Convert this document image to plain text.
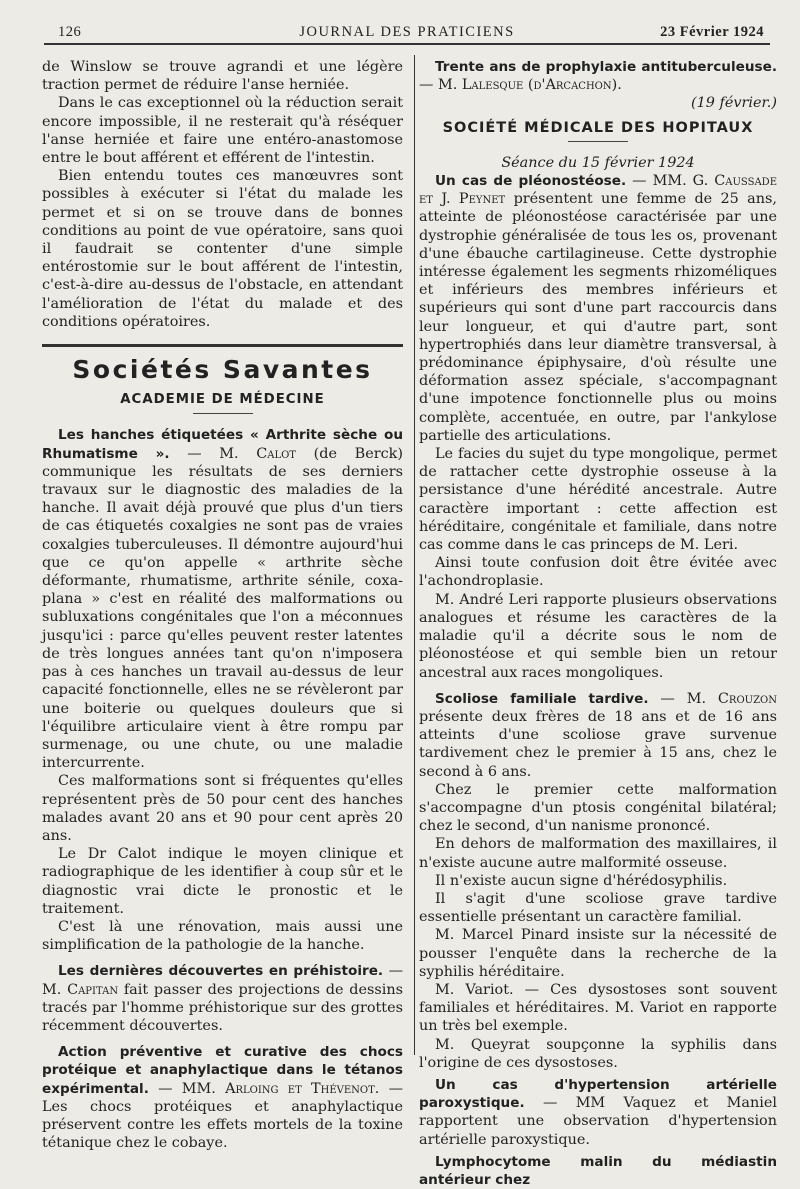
126	JOURNAL DES PRATICIENS	23 Février 1924

de Winslow se trouve agrandi et une légère traction permet de réduire l'anse herniée.

Dans le cas exceptionnel où la réduction serait encore impossible, il ne resterait qu'à réséquer l'anse herniée et faire une entéro-anastomose entre le bout afférent et efférent de l'intestin.

Bien entendu toutes ces manœuvres sont possibles à exécuter si l'état du malade les permet et si on se trouve dans de bonnes conditions au point de vue opératoire, sans quoi il faudrait se contenter d'une simple entérostomie sur le bout afférent de l'intestin, c'est-à-dire au-dessus de l'obstacle, en attendant l'amélioration de l'état du malade et des conditions opératoires.

Sociétés Savantes
ACADEMIE DE MÉDECINE

Les hanches étiquetées « Arthrite sèche ou Rhumatisme ». — M. Calot (de Berck) communique les résultats de ses derniers travaux sur le diagnostic des maladies de la hanche. Il avait déjà prouvé que plus d'un tiers de cas étiquetés coxalgies ne sont pas de vraies coxalgies tuberculeuses. Il démontre aujourd'hui que ce qu'on appelle « arthrite sèche déformante, rhumatisme, arthrite sénile, coxa-plana » c'est en réalité des malformations ou subluxations congénitales que l'on a méconnues jusqu'ici : parce qu'elles peuvent rester latentes de très longues années tant qu'on n'imposera pas à ces hanches un travail au-dessus de leur capacité fonctionnelle, elles ne se révèleront par une boiterie ou quelques douleurs que si l'équilibre articulaire vient à être rompu par surmenage, ou une chute, ou une maladie intercurrente.

Ces malformations sont si fréquentes qu'elles représentent près de 50 pour cent des hanches malades avant 20 ans et 90 pour cent après 20 ans.

Le Dr Calot indique le moyen clinique et radiographique de les identifier à coup sûr et le diagnostic vrai dicte le pronostic et le traitement.

C'est là une rénovation, mais aussi une simplification de la pathologie de la hanche.

Les dernières découvertes en préhistoire. — M. Capitan fait passer des projections de dessins tracés par l'homme préhistorique sur des grottes récemment découvertes.

Action préventive et curative des chocs protéique et anaphylactique dans le tétanos expérimental. — MM. Arloing et Thévenot. — Les chocs protéiques et anaphylactique préservent contre les effets mortels de la toxine tétanique chez le cobaye.

Trente ans de prophylaxie antituberculeuse. — M. Lalesque (d'Arcachon).

(19 février.)

SOCIÉTÉ MÉDICALE DES HOPITAUX

Séance du 15 février 1924

Un cas de pléonostéose. — MM. G. Caussade et J. Peynet présentent une femme de 25 ans, atteinte de pléonostéose caractérisée par une dystrophie généralisée de tous les os, provenant d'une ébauche cartilagineuse. Cette dystrophie intéresse également les segments rhizoméliques et inférieurs des membres inférieurs et supérieurs qui sont d'une part raccourcis dans leur longueur, et qui d'autre part, sont hypertrophiés dans leur diamètre transversal, à prédominance épiphysaire, d'où résulte une déformation assez spéciale, s'accompagnant d'une impotence fonctionnelle plus ou moins complète, accentuée, en outre, par l'ankylose partielle des articulations.

Le facies du sujet du type mongolique, permet de rattacher cette dystrophie osseuse à la persistance d'une hérédité ancestrale. Autre caractère important : cette affection est héréditaire, congénitale et familiale, dans notre cas comme dans le cas princeps de M. Leri.

Ainsi toute confusion doit être évitée avec l'achondroplasie.

M. André Leri rapporte plusieurs observations analogues et résume les caractères de la maladie qu'il a décrite sous le nom de pléonostéose et qui semble bien un retour ancestral aux races mongoliques.

Scoliose familiale tardive. — M. Crouzon présente deux frères de 18 ans et de 16 ans atteints d'une scoliose grave survenue tardivement chez le premier à 15 ans, chez le second à 6 ans.

Chez le premier cette malformation s'accompagne d'un ptosis congénital bilatéral; chez le second, d'un nanisme prononcé.

En dehors de malformation des maxillaires, il n'existe aucune autre malformité osseuse.

Il n'existe aucun signe d'hérédosyphilis.

Il s'agit d'une scoliose grave tardive essentielle présentant un caractère familial.

M. Marcel Pinard insiste sur la nécessité de pousser l'enquête dans la recherche de la syphilis héréditaire.

M. Variot. — Ces dysostoses sont souvent familiales et héréditaires. M. Variot en rapporte un très bel exemple.

M. Queyrat soupçonne la syphilis dans l'origine de ces dysostoses.

Un cas d'hypertension artérielle paroxystique. — MM Vaquez et Maniel rapportent une observation d'hypertension artérielle paroxystique.

Lymphocytome malin du médiastin antérieur chez
